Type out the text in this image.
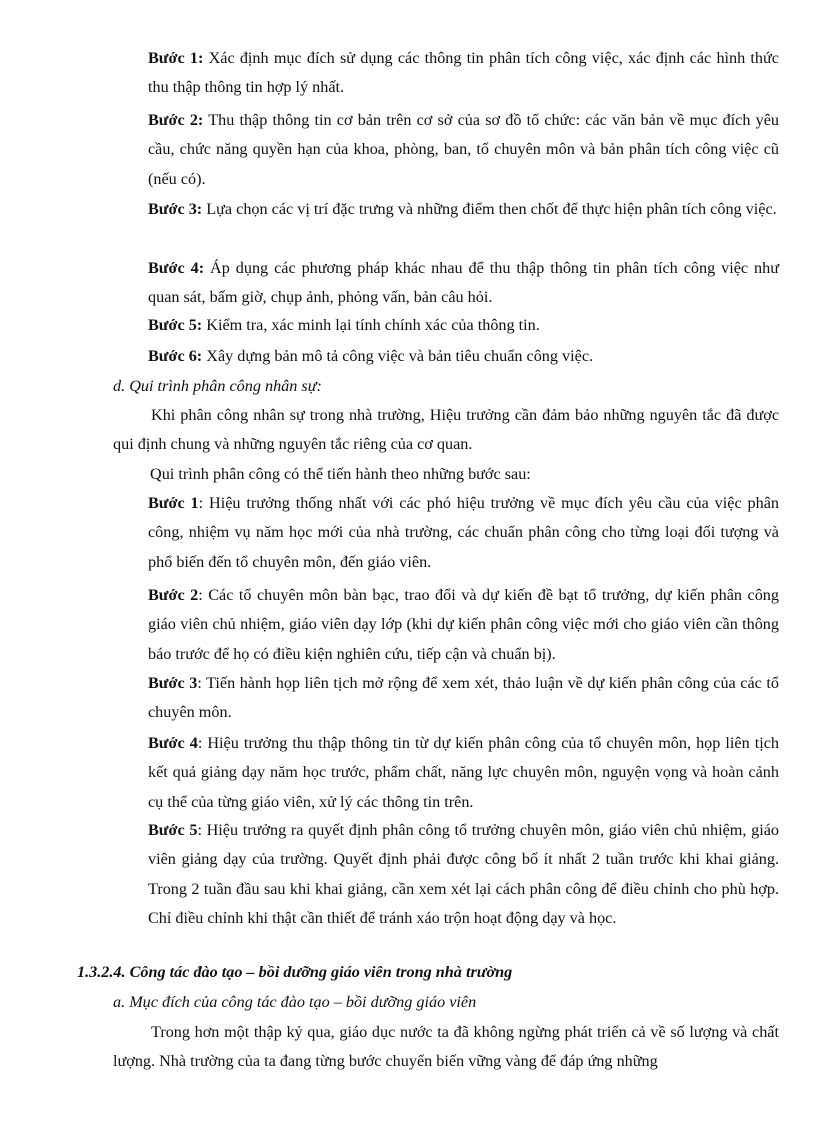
Bước 1: Xác định mục đích sử dụng các thông tin phân tích công việc, xác định các hình thức thu thập thông tin hợp lý nhất.

Bước 2: Thu thập thông tin cơ bản trên cơ sở của sơ đồ tổ chức: các văn bản về mục đích yêu cầu, chức năng quyền hạn của khoa, phòng, ban, tổ chuyên môn và bản phân tích công việc cũ (nếu có).

Bước 3: Lựa chọn các vị trí đặc trưng và những điểm then chốt để thực hiện phân tích công việc.

Bước 4: Áp dụng các phương pháp khác nhau để thu thập thông tin phân tích công việc như quan sát, bấm giờ, chụp ảnh, phỏng vấn, bản câu hỏi.

Bước 5: Kiểm tra, xác minh lại tính chính xác của thông tin.

Bước 6: Xây dựng bản mô tả công việc và bản tiêu chuẩn công việc.

d. Qui trình phân công nhân sự:

Khi phân công nhân sự trong nhà trường, Hiệu trưởng cần đảm bảo những nguyên tắc đã được qui định chung và những nguyên tắc riêng của cơ quan.

Qui trình phân công có thể tiến hành theo những bước sau:

Bước 1: Hiệu trưởng thống nhất với các phó hiệu trưởng về mục đích yêu cầu của việc phân công, nhiệm vụ năm học mới của nhà trường, các chuẩn phân công cho từng loại đối tượng và phổ biến đến tổ chuyên môn, đến giáo viên.

Bước 2: Các tổ chuyên môn bàn bạc, trao đổi và dự kiến đề bạt tổ trưởng, dự kiến phân công giáo viên chủ nhiệm, giáo viên dạy lớp (khi dự kiến phân công việc mới cho giáo viên cần thông báo trước để họ có điều kiện nghiên cứu, tiếp cận và chuẩn bị).

Bước 3: Tiến hành họp liên tịch mở rộng để xem xét, thảo luận về dự kiến phân công của các tổ chuyên môn.

Bước 4: Hiệu trưởng thu thập thông tin từ dự kiến phân công của tổ chuyên môn, họp liên tịch kết quả giảng dạy năm học trước, phẩm chất, năng lực chuyên môn, nguyện vọng và hoàn cảnh cụ thể của từng giáo viên, xử lý các thông tin trên.

Bước 5: Hiệu trưởng ra quyết định phân công tổ trưởng chuyên môn, giáo viên chủ nhiệm, giáo viên giảng dạy của trường. Quyết định phải được công bố ít nhất 2 tuần trước khi khai giảng. Trong 2 tuần đầu sau khi khai giảng, cần xem xét lại cách phân công để điều chỉnh cho phù hợp. Chỉ điều chỉnh khi thật cần thiết để tránh xáo trộn hoạt động dạy và học.

1.3.2.4. Công tác đào tạo – bồi dưỡng giáo viên trong nhà trường

a. Mục đích của công tác đào tạo – bồi dưỡng giáo viên

Trong hơn một thập kỷ qua, giáo dục nước ta đã không ngừng phát triển cả về số lượng và chất lượng. Nhà trường của ta đang từng bước chuyển biến vững vàng để đáp ứng những
